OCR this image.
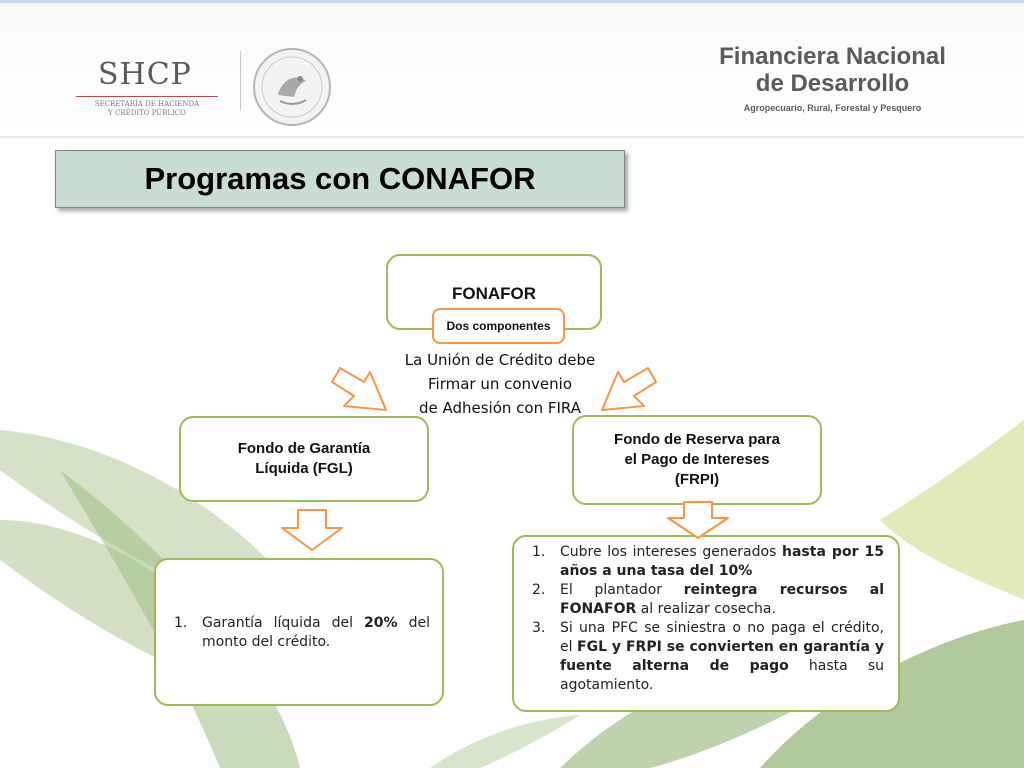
SHCP
SECRETARÍA DE HACIENDA
Y CRÉDITO PÚBLICO
Financiera Nacional
de Desarrollo
Agropecuario, Rural, Forestal y Pesquero
Programas con CONAFOR
FONAFOR
Dos componentes
La Unión de Crédito debe
Firmar un convenio
de Adhesión con FIRA
Fondo de Garantía
Líquida (FGL)
Fondo de Reserva para
el Pago de Intereses
(FRPI)
1.	Garantía líquida del 20% del monto del crédito.
1.	Cubre los intereses generados hasta por 15 años a una tasa del 10%
2.	El plantador reintegra recursos al FONAFOR al realizar cosecha.
3.	Si una PFC se siniestra o no paga el crédito, el FGL y FRPI se convierten en garantía y fuente alterna de pago hasta su agotamiento.
